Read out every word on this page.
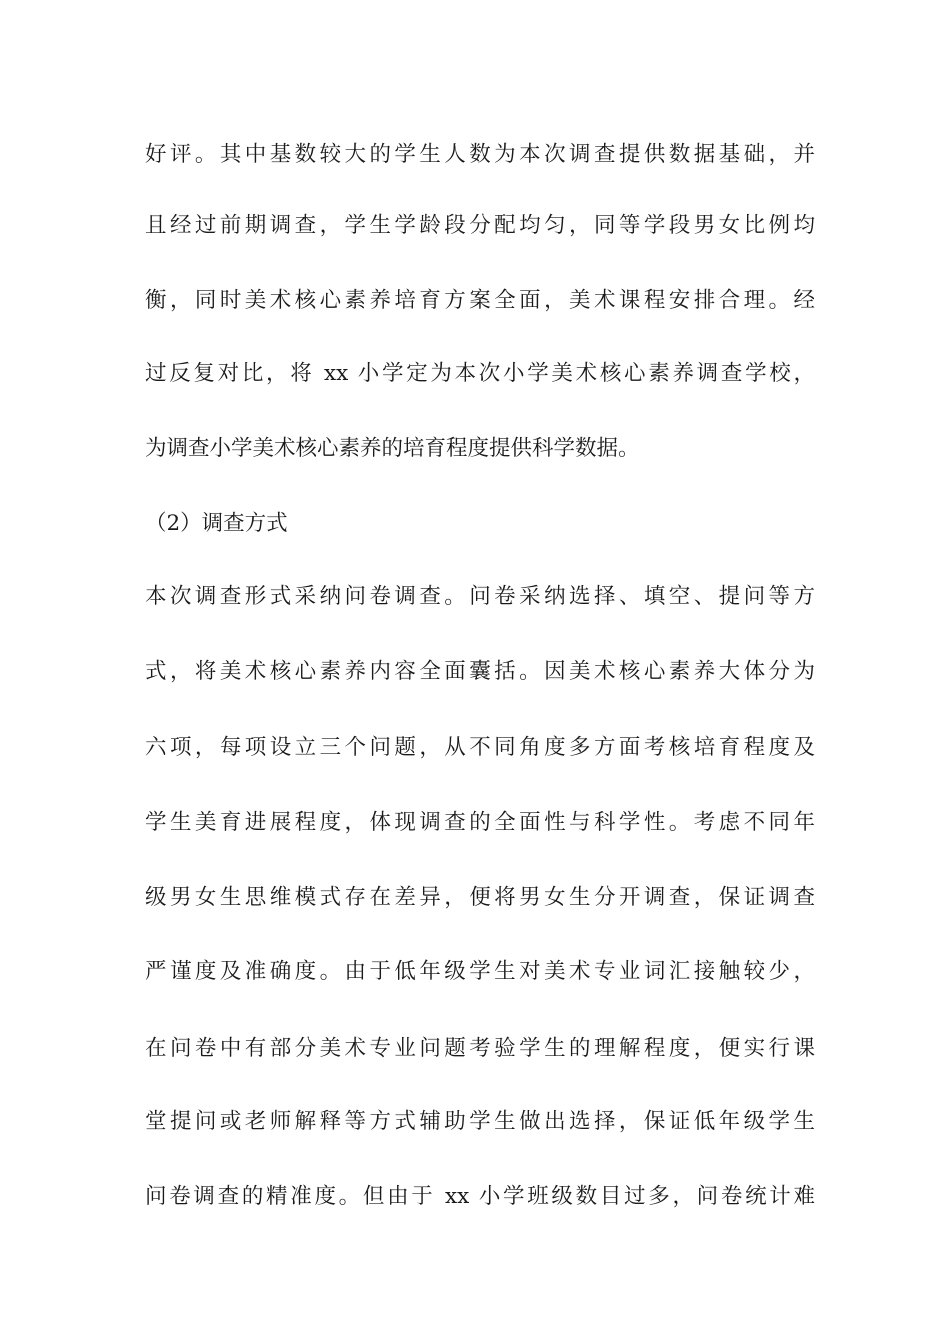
好评。其中基数较大的学生人数为本次调查提供数据基础，并
且经过前期调查，学生学龄段分配均匀，同等学段男女比例均
衡，同时美术核心素养培育方案全面，美术课程安排合理。经
过反复对比，将 xx 小学定为本次小学美术核心素养调查学校，
为调查小学美术核心素养的培育程度提供科学数据。
（2）调查方式
本次调查形式采纳问卷调查。问卷采纳选择、填空、提问等方
式，将美术核心素养内容全面囊括。因美术核心素养大体分为
六项，每项设立三个问题，从不同角度多方面考核培育程度及
学生美育进展程度，体现调查的全面性与科学性。考虑不同年
级男女生思维模式存在差异，便将男女生分开调查，保证调查
严谨度及准确度。由于低年级学生对美术专业词汇接触较少，
在问卷中有部分美术专业问题考验学生的理解程度，便实行课
堂提问或老师解释等方式辅助学生做出选择，保证低年级学生
问卷调查的精准度。但由于 xx 小学班级数目过多，问卷统计难
